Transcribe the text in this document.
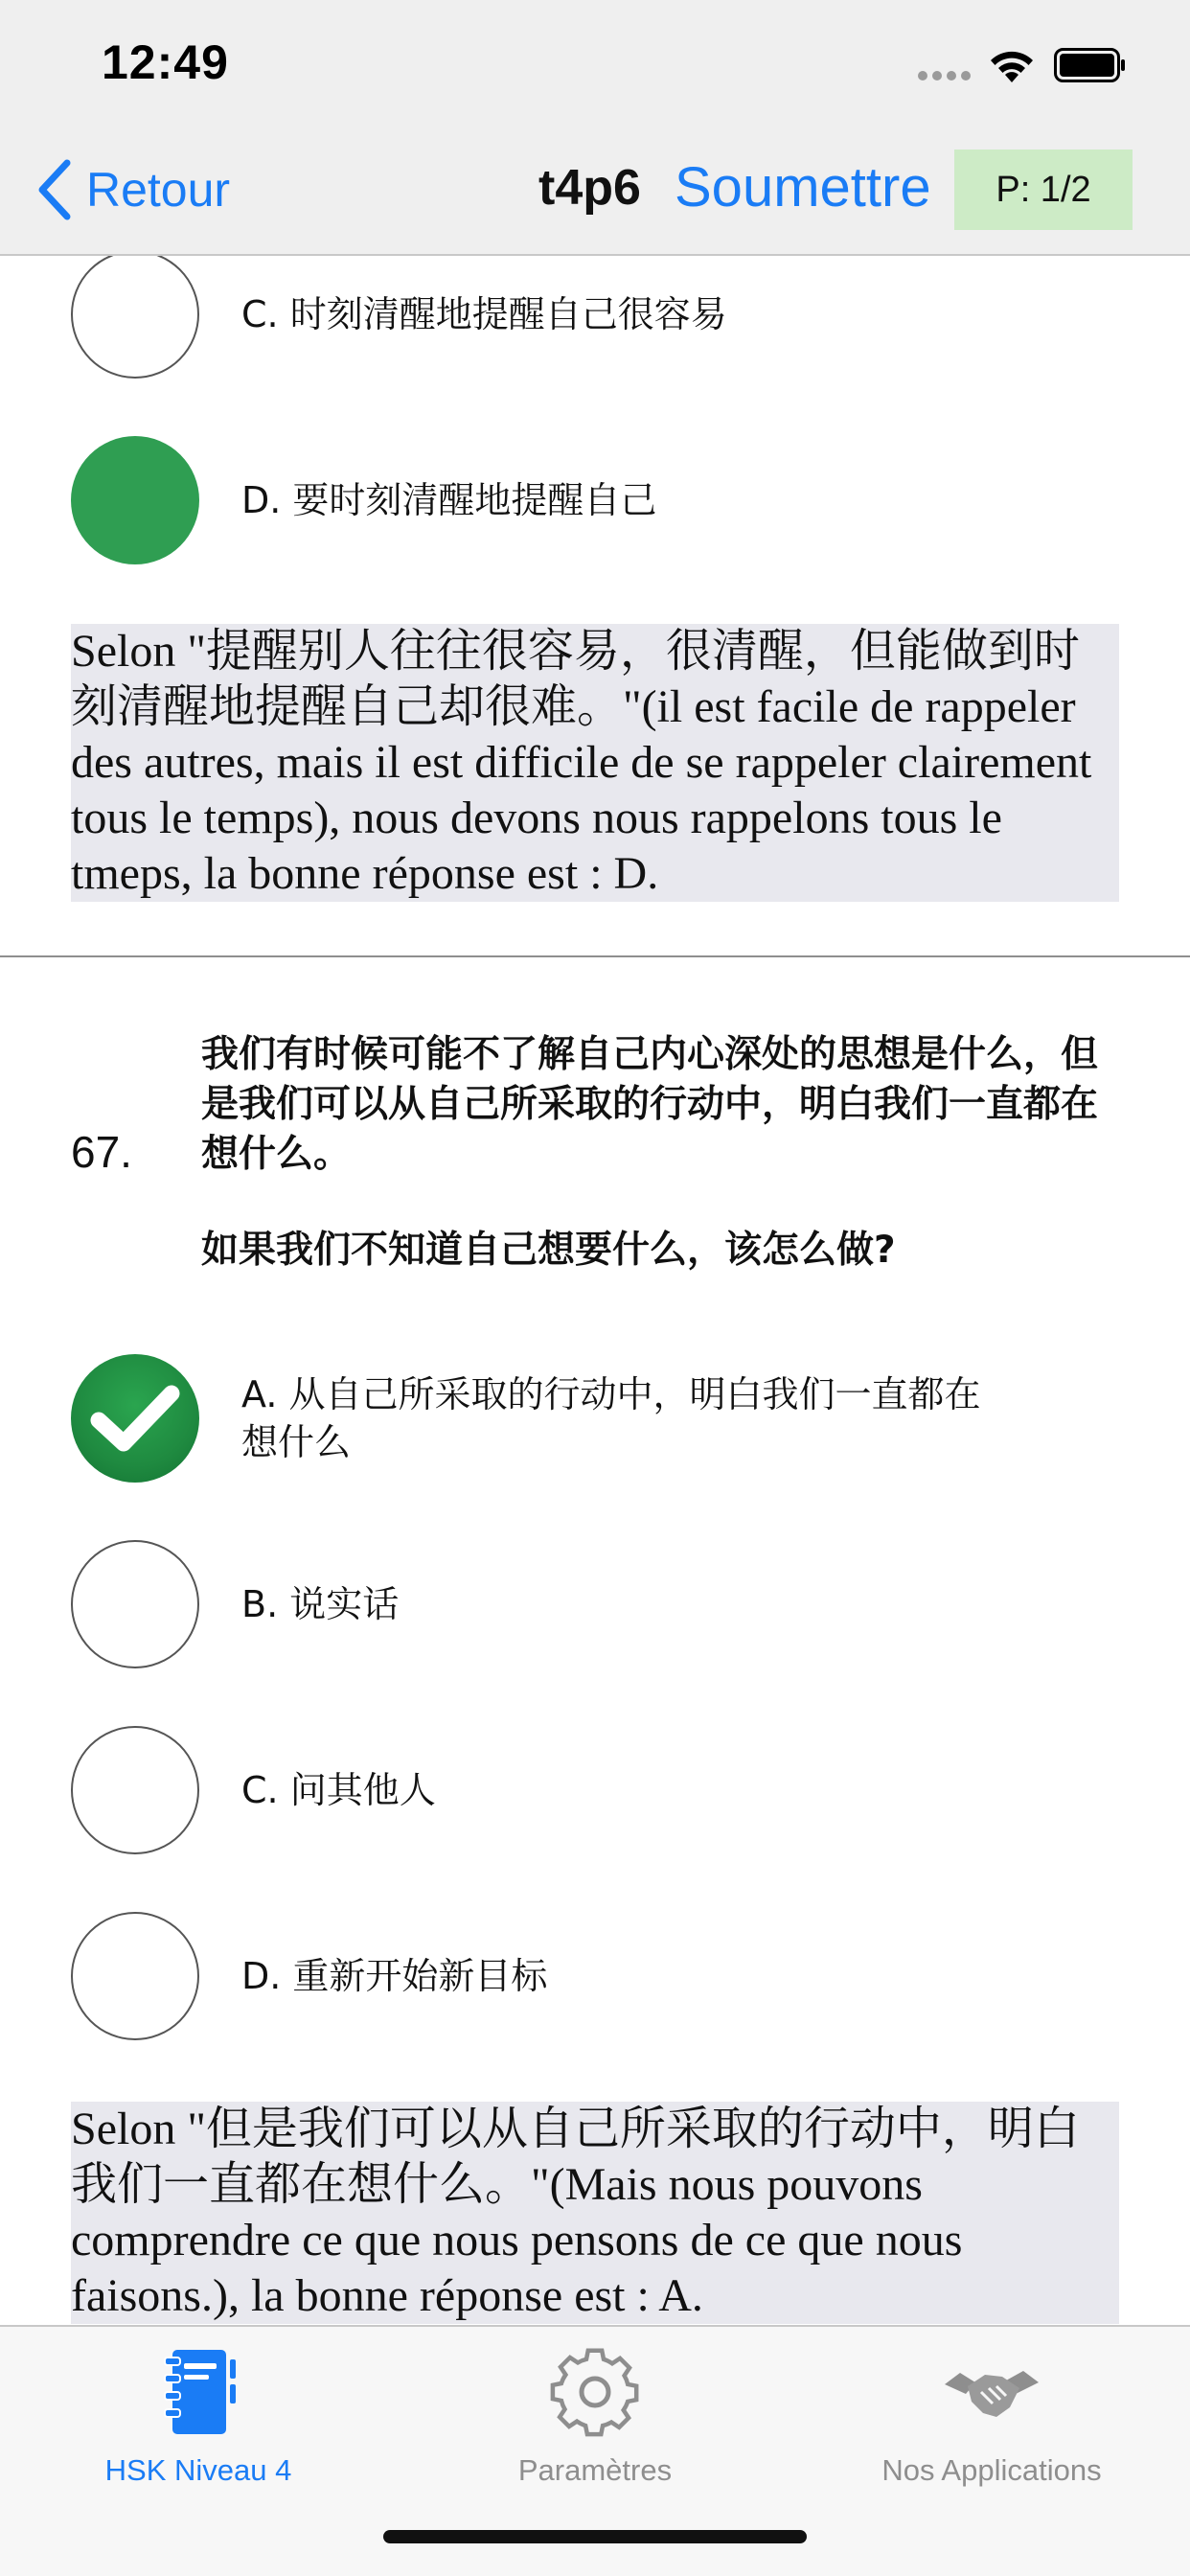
12:49
Retour	t4p6 Soumettre	P: 1/2
C. 时刻清醒地提醒自己很容易
D. 要时刻清醒地提醒自己
Selon "提醒别人往往很容易，很清醒，但能做到时刻清醒地提醒自己却很难。"(il est facile de rappeler des autres, mais il est difficile de se rappeler clairement tous le temps), nous devons nous rappelons tous le tmeps, la bonne réponse est : D.
67.
我们有时候可能不了解自己内心深处的思想是什么，但是我们可以从自己所采取的行动中，明白我们一直都在想什么。
如果我们不知道自己想要什么，该怎么做?
A. 从自己所采取的行动中，明白我们一直都在想什么
B. 说实话
C. 问其他人
D. 重新开始新目标
Selon "但是我们可以从自己所采取的行动中，明白我们一直都在想什么。"(Mais nous pouvons comprendre ce que nous pensons de ce que nous faisons.), la bonne réponse est : A.
HSK Niveau 4	Paramètres	Nos Applications
